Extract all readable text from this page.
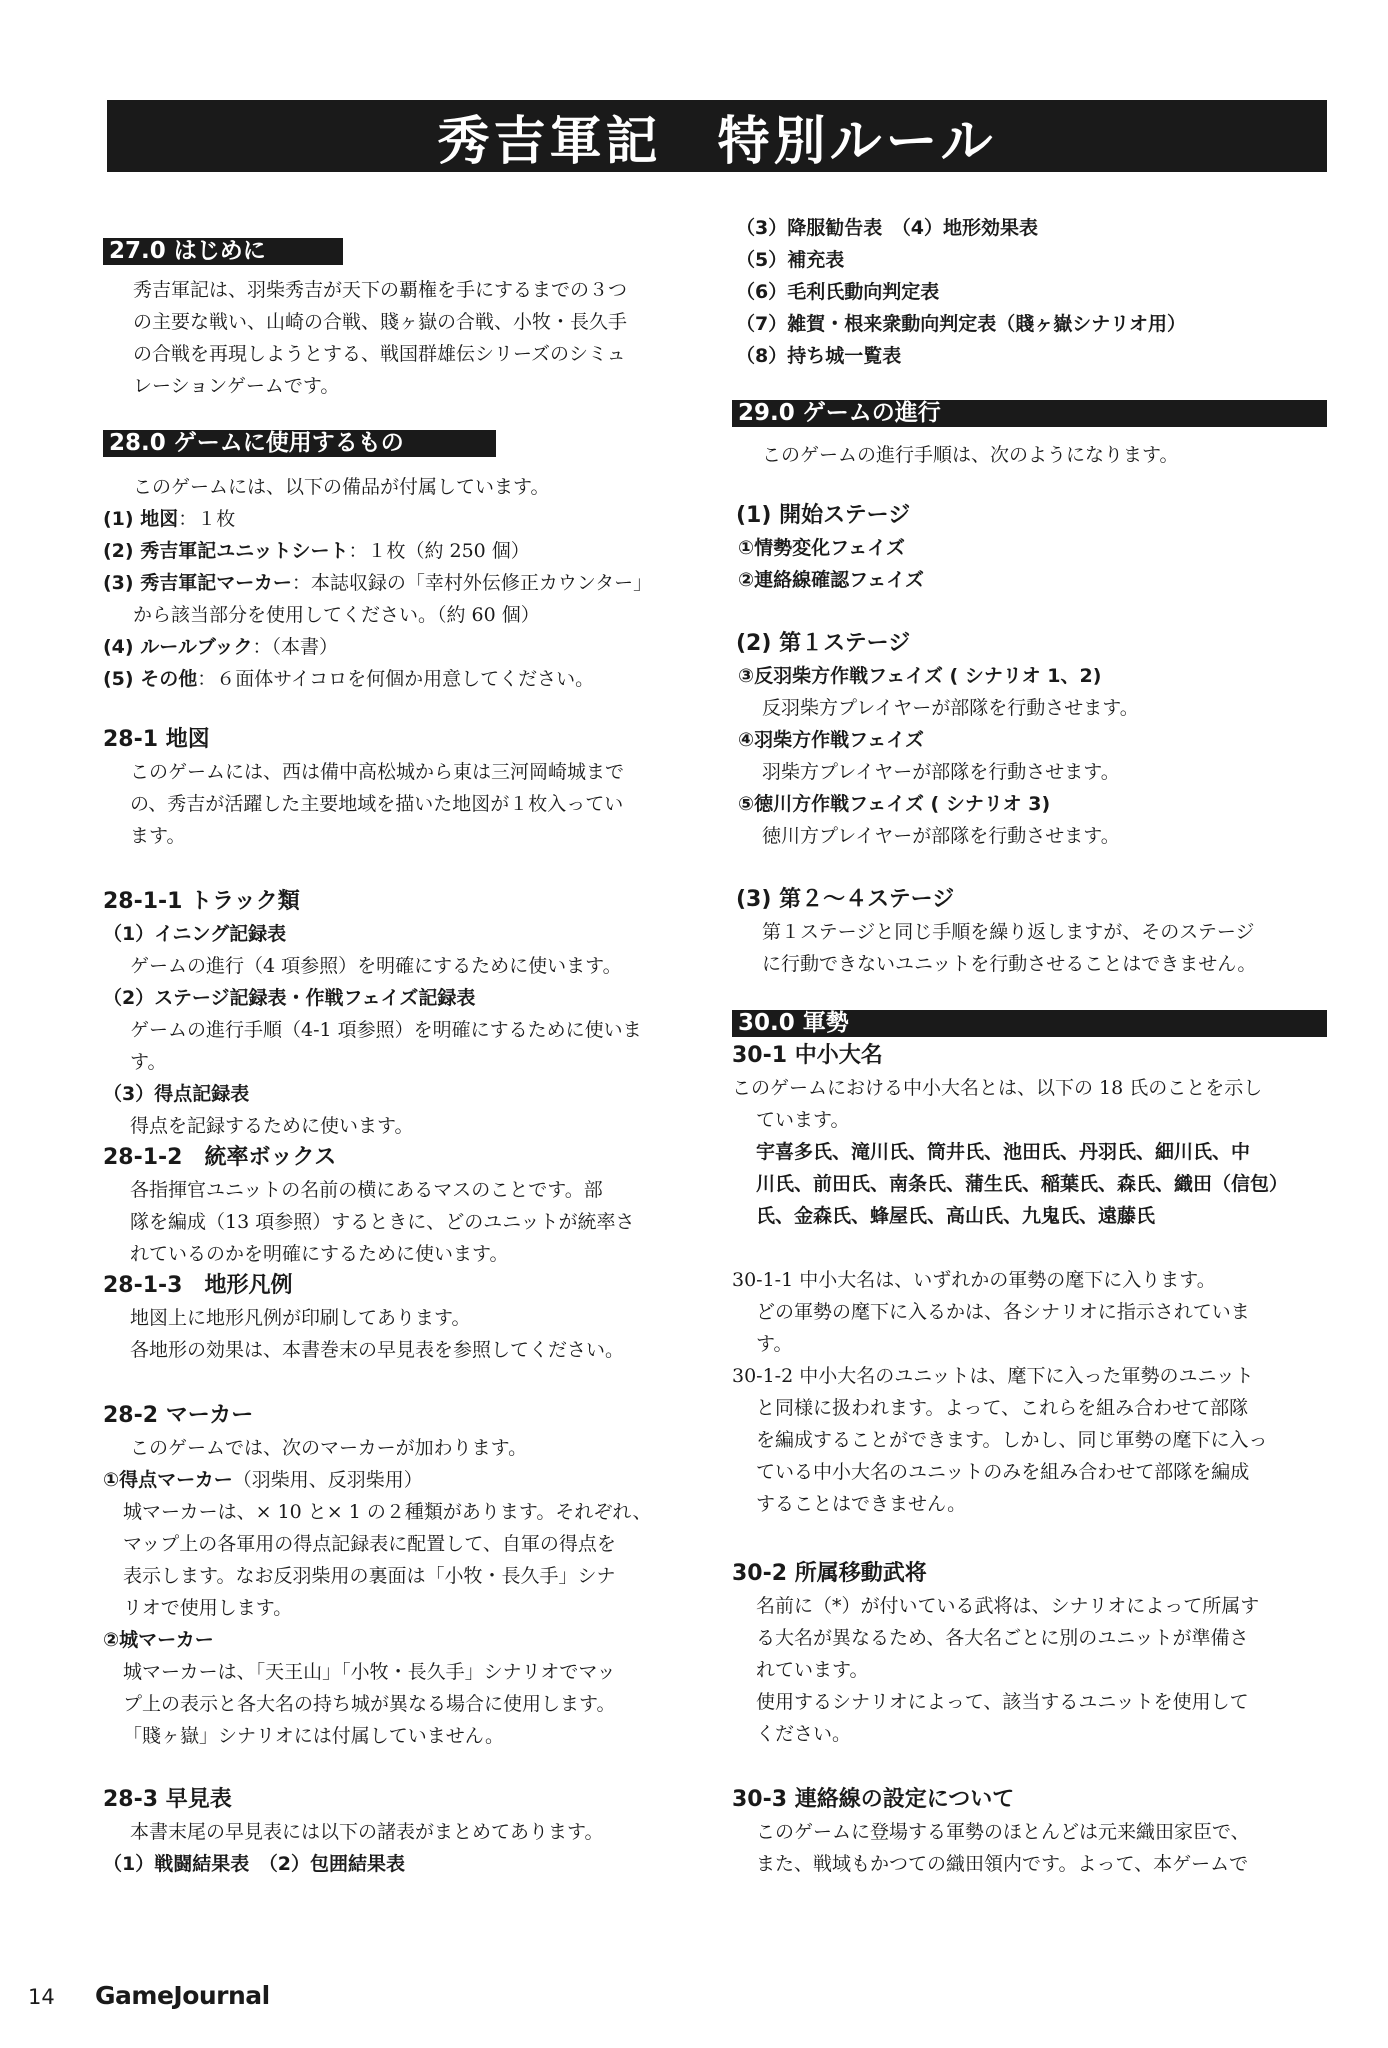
秀吉軍記　特別ルール
27.0 はじめに
秀吉軍記は、羽柴秀吉が天下の覇権を手にするまでの３つ
の主要な戦い、山崎の合戦、賤ヶ嶽の合戦、小牧・長久手
の合戦を再現しようとする、戦国群雄伝シリーズのシミュ
レーションゲームです。
28.0 ゲームに使用するもの
このゲームには、以下の備品が付属しています。
(1) 地図：１枚
(2) 秀吉軍記ユニットシート：１枚（約 250 個）
(3) 秀吉軍記マーカー：本誌収録の「幸村外伝修正カウンター」
から該当部分を使用してください。（約 60 個）
(4) ルールブック：（本書）
(5) その他：６面体サイコロを何個か用意してください。
28-1 地図
このゲームには、西は備中高松城から東は三河岡崎城まで
の、秀吉が活躍した主要地域を描いた地図が１枚入ってい
ます。
28-1-1 トラック類
（1）イニング記録表
ゲームの進行（4 項参照）を明確にするために使います。
（2）ステージ記録表・作戦フェイズ記録表
ゲームの進行手順（4-1 項参照）を明確にするために使いま
す。
（3）得点記録表
得点を記録するために使います。
28-1-2　統率ボックス
各指揮官ユニットの名前の横にあるマスのことです。部
隊を編成（13 項参照）するときに、どのユニットが統率さ
れているのかを明確にするために使います。
28-1-3　地形凡例
地図上に地形凡例が印刷してあります。
各地形の効果は、本書巻末の早見表を参照してください。
28-2 マーカー
このゲームでは、次のマーカーが加わります。
①得点マーカー（羽柴用、反羽柴用）
城マーカーは、× 10 と× 1 の２種類があります。それぞれ、
マップ上の各軍用の得点記録表に配置して、自軍の得点を
表示します。なお反羽柴用の裏面は「小牧・長久手」シナ
リオで使用します。
②城マーカー
城マーカーは、「天王山」「小牧・長久手」シナリオでマッ
プ上の表示と各大名の持ち城が異なる場合に使用します。
「賤ヶ嶽」シナリオには付属していません。
28-3 早見表
本書末尾の早見表には以下の諸表がまとめてあります。
（1）戦闘結果表　（2）包囲結果表
（3）降服勧告表　（4）地形効果表
（5）補充表
（6）毛利氏動向判定表
（7）雑賀・根来衆動向判定表（賤ヶ嶽シナリオ用）
（8）持ち城一覧表
29.0 ゲームの進行
このゲームの進行手順は、次のようになります。
(1) 開始ステージ
①情勢変化フェイズ
②連絡線確認フェイズ
(2) 第１ステージ
③反羽柴方作戦フェイズ ( シナリオ 1、2)
反羽柴方プレイヤーが部隊を行動させます。
④羽柴方作戦フェイズ
羽柴方プレイヤーが部隊を行動させます。
⑤徳川方作戦フェイズ ( シナリオ 3)
徳川方プレイヤーが部隊を行動させます。
(3) 第２～４ステージ
第１ステージと同じ手順を繰り返しますが、そのステージ
に行動できないユニットを行動させることはできません。
30.0 軍勢
30-1 中小大名
このゲームにおける中小大名とは、以下の 18 氏のことを示し
ています。
宇喜多氏、滝川氏、筒井氏、池田氏、丹羽氏、細川氏、中
川氏、前田氏、南条氏、蒲生氏、稲葉氏、森氏、織田（信包）
氏、金森氏、蜂屋氏、高山氏、九鬼氏、遠藤氏
30-1-1 中小大名は、いずれかの軍勢の麾下に入ります。
どの軍勢の麾下に入るかは、各シナリオに指示されていま
す。
30-1-2 中小大名のユニットは、麾下に入った軍勢のユニット
と同様に扱われます。よって、これらを組み合わせて部隊
を編成することができます。しかし、同じ軍勢の麾下に入っ
ている中小大名のユニットのみを組み合わせて部隊を編成
することはできません。
30-2 所属移動武将
名前に（*）が付いている武将は、シナリオによって所属す
る大名が異なるため、各大名ごとに別のユニットが準備さ
れています。
使用するシナリオによって、該当するユニットを使用して
ください。
30-3 連絡線の設定について
このゲームに登場する軍勢のほとんどは元来織田家臣で、
また、戦域もかつての織田領内です。よって、本ゲームで
14 GameJournal
